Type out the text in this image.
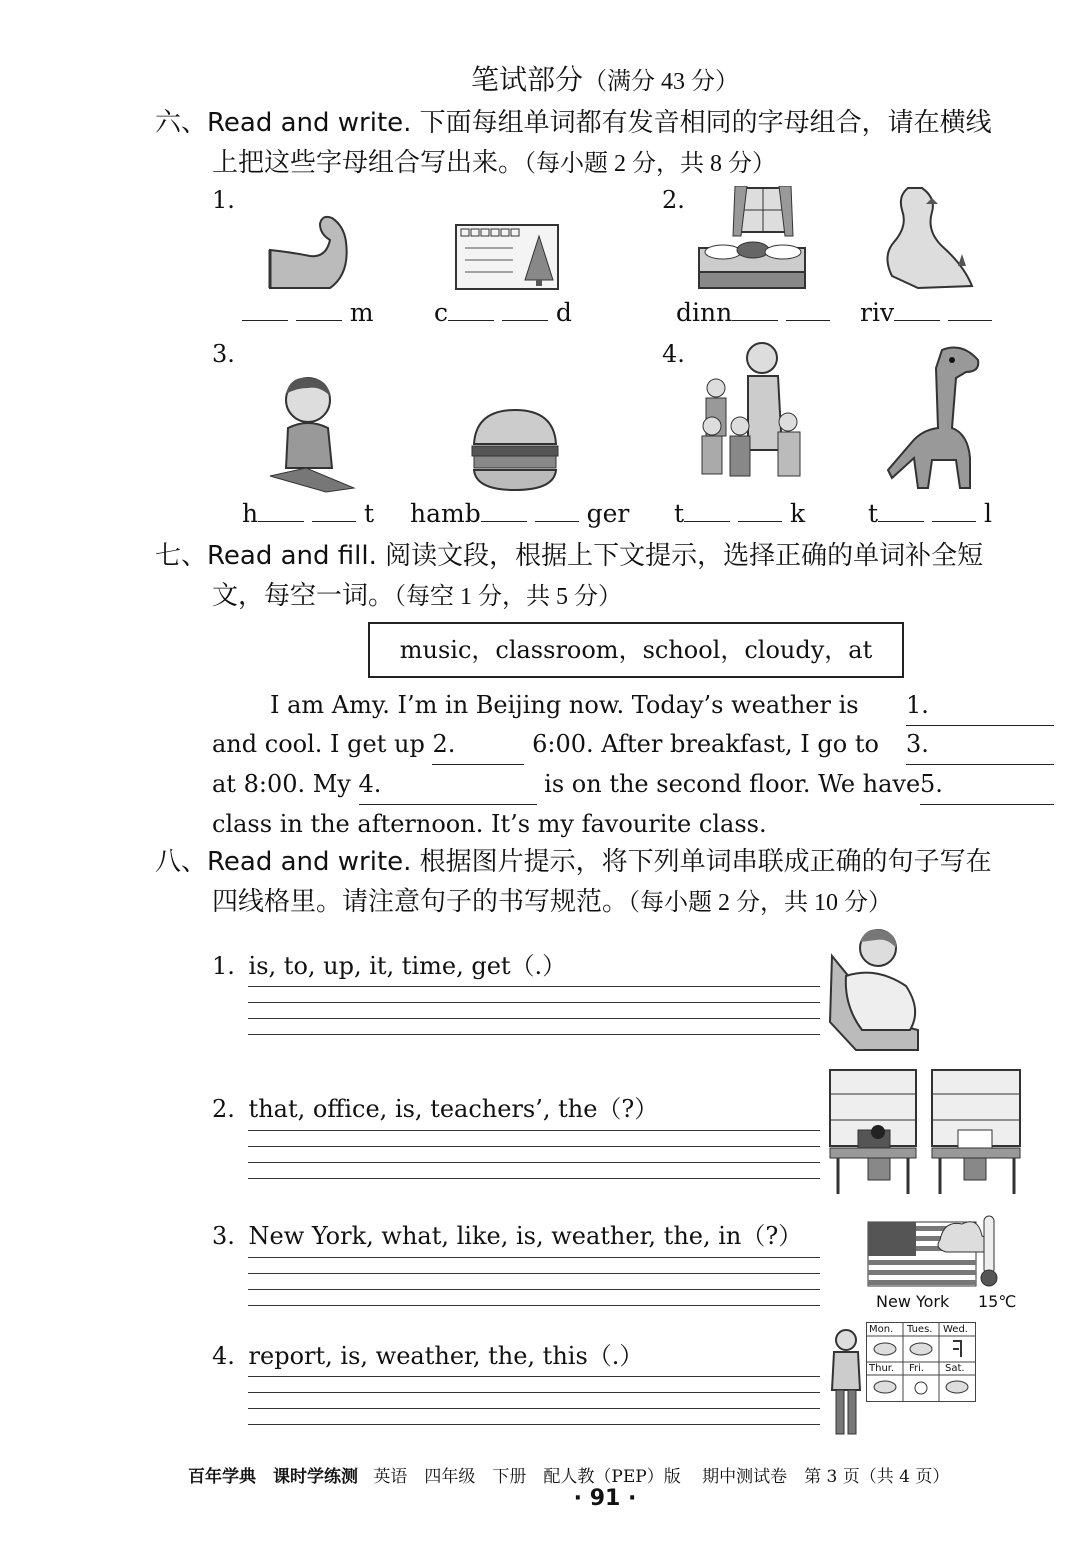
笔试部分（满分 43 分）
六、Read and write. 下面每组单词都有发音相同的字母组合，请在横线
上把这些字母组合写出来。（每小题 2 分，共 8 分）
1.	2.
3.	4.
m c	d	dinn	riv
h	t hamb	ger t	k	t	l
七、Read and fill. 阅读文段，根据上下文提示，选择正确的单词补全短
文，每空一词。（每空 1 分，共 5 分）
music，classroom，school，cloudy，at
I am Amy. I’m in Beijing now. Today’s weather is 1.
and cool. I get up 2.	6:00. After breakfast, I go to 3.
at 8:00. My 4.	is on the second floor. We have 5.
class in the afternoon. It’s my favourite class.
八、Read and write. 根据图片提示，将下列单词串联成正确的句子写在
四线格里。请注意句子的书写规范。（每小题 2 分，共 10 分）
1. is, to, up, it, time, get（.）
2. that, office, is, teachers’, the（?）
3. New York, what, like, is, weather, the, in（?）
New York 15℃
4. report, is, weather, the, this（.）
Mon. Tues. Wed.
Thur. Fri. Sat.
百年学典　课时学练测 英语　四年级　下册　配人教（PEP）版 期中测试卷　第 3 页（共 4 页）
· 91 ·
